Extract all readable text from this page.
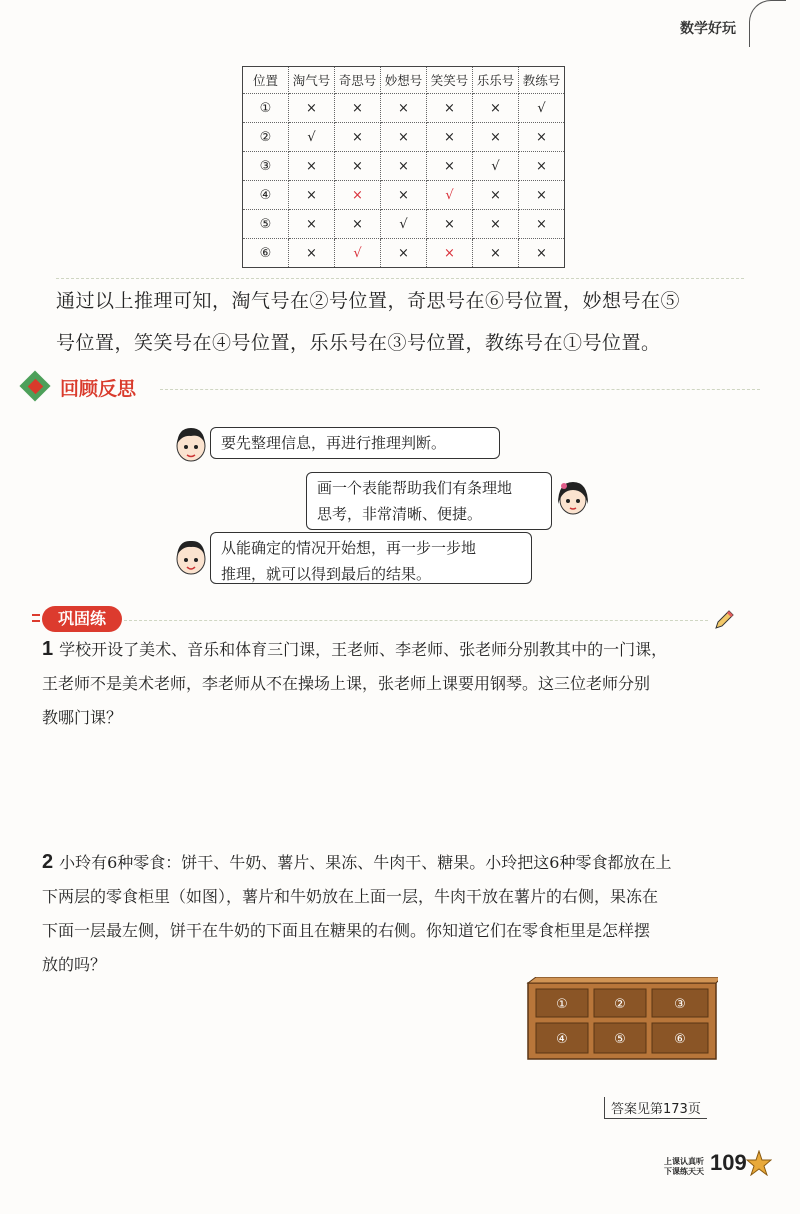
数学好玩
位置	淘气号	奇思号	妙想号	笑笑号	乐乐号	教练号
①	×	×	×	×	×	√
②	√	×	×	×	×	×
③	×	×	×	×	√	×
④	×	×	×	√	×	×
⑤	×	×	√	×	×	×
⑥	×	√	×	×	×	×
通过以上推理可知，淘气号在②号位置，奇思号在⑥号位置，妙想号在⑤
号位置，笑笑号在④号位置，乐乐号在③号位置，教练号在①号位置。
回顾反思
要先整理信息，再进行推理判断。
画一个表能帮助我们有条理地
思考，非常清晰、便捷。
从能确定的情况开始想，再一步一步地
推理，就可以得到最后的结果。
巩固练
1 学校开设了美术、音乐和体育三门课，王老师、李老师、张老师分别教其中的一门课，
王老师不是美术老师，李老师从不在操场上课，张老师上课要用钢琴。这三位老师分别
教哪门课？
2 小玲有6种零食：饼干、牛奶、薯片、果冻、牛肉干、糖果。小玲把这6种零食都放在上
下两层的零食柜里（如图），薯片和牛奶放在上面一层，牛肉干放在薯片的右侧，果冻在
下面一层最左侧，饼干在牛奶的下面且在糖果的右侧。你知道它们在零食柜里是怎样摆
放的吗？
①	②	③
④	⑤	⑥
答案见第173页
上课认真听
下课练天天 109
